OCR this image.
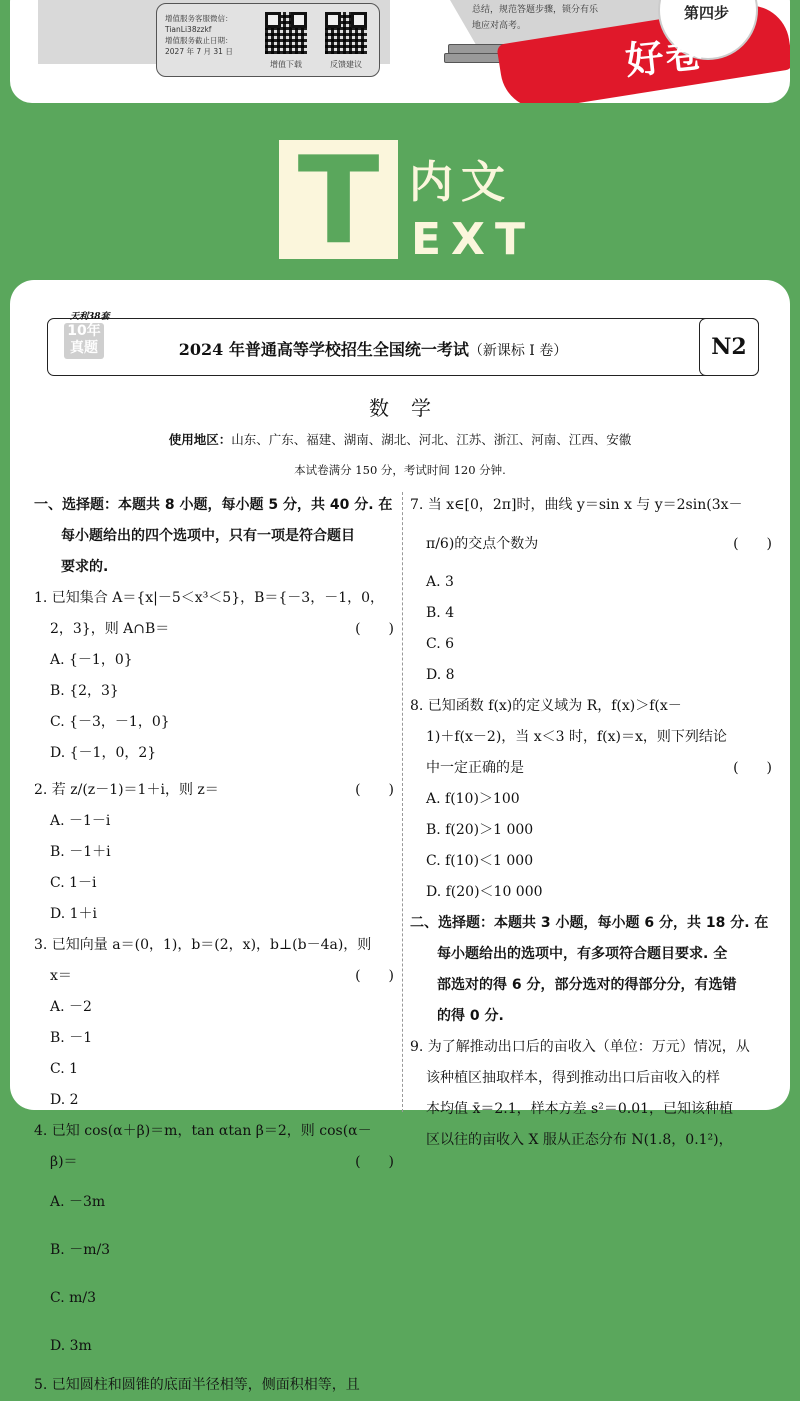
增值服务客服微信：
TianLi38zzkf
增值服务截止日期：
2027 年 7 月 31 日
增值下载	反馈建议
总结，规范答题步骤，锁分有乐
地应对高考。
第四步
好卷
T 内文
EXT
天利38套
10年
真题	2024 年普通高等学校招生全国统一考试（新课标 Ⅰ 卷）	N2
数学
使用地区：山东、广东、福建、湖南、湖北、河北、江苏、浙江、河南、江西、安徽
本试卷满分 150 分，考试时间 120 分钟.
一、选择题：本题共 8 小题，每小题 5 分，共 40 分. 在
每小题给出的四个选项中，只有一项是符合题目
要求的.
1. 已知集合 A＝{x|－5＜x³＜5}，B＝{－3，－1，0，
2，3}，则 A∩B＝	(　　)
A. {－1，0}
B. {2，3}
C. {－3，－1，0}
D. {－1，0，2}
2. 若 z/(z－1)＝1＋i，则 z＝	(　　)
A. －1－i
B. －1＋i
C. 1－i
D. 1＋i
3. 已知向量 a＝(0，1)，b＝(2，x)，b⊥(b－4a)，则
x＝	(　　)
A. －2
B. －1
C. 1
D. 2
4. 已知 cos(α＋β)＝m，tan αtan β＝2，则 cos(α－
β)＝	(　　)
A. －3m
B. －m/3
C. m/3
D. 3m
5. 已知圆柱和圆锥的底面半径相等，侧面积相等，且
7. 当 x∈[0，2π]时，曲线 y＝sin x 与 y＝2sin(3x－
π/6)的交点个数为	(　　)
A. 3
B. 4
C. 6
D. 8
8. 已知函数 f(x)的定义域为 R，f(x)＞f(x－
1)＋f(x－2)，当 x＜3 时，f(x)＝x，则下列结论
中一定正确的是	(　　)
A. f(10)＞100
B. f(20)＞1 000
C. f(10)＜1 000
D. f(20)＜10 000
二、选择题：本题共 3 小题，每小题 6 分，共 18 分. 在
每小题给出的选项中，有多项符合题目要求. 全
部选对的得 6 分，部分选对的得部分分，有选错
的得 0 分.
9. 为了解推动出口后的亩收入（单位：万元）情况，从
该种植区抽取样本，得到推动出口后亩收入的样
本均值 x̄＝2.1，样本方差 s²＝0.01，已知该种植
区以往的亩收入 X 服从正态分布 N(1.8，0.1²)，
